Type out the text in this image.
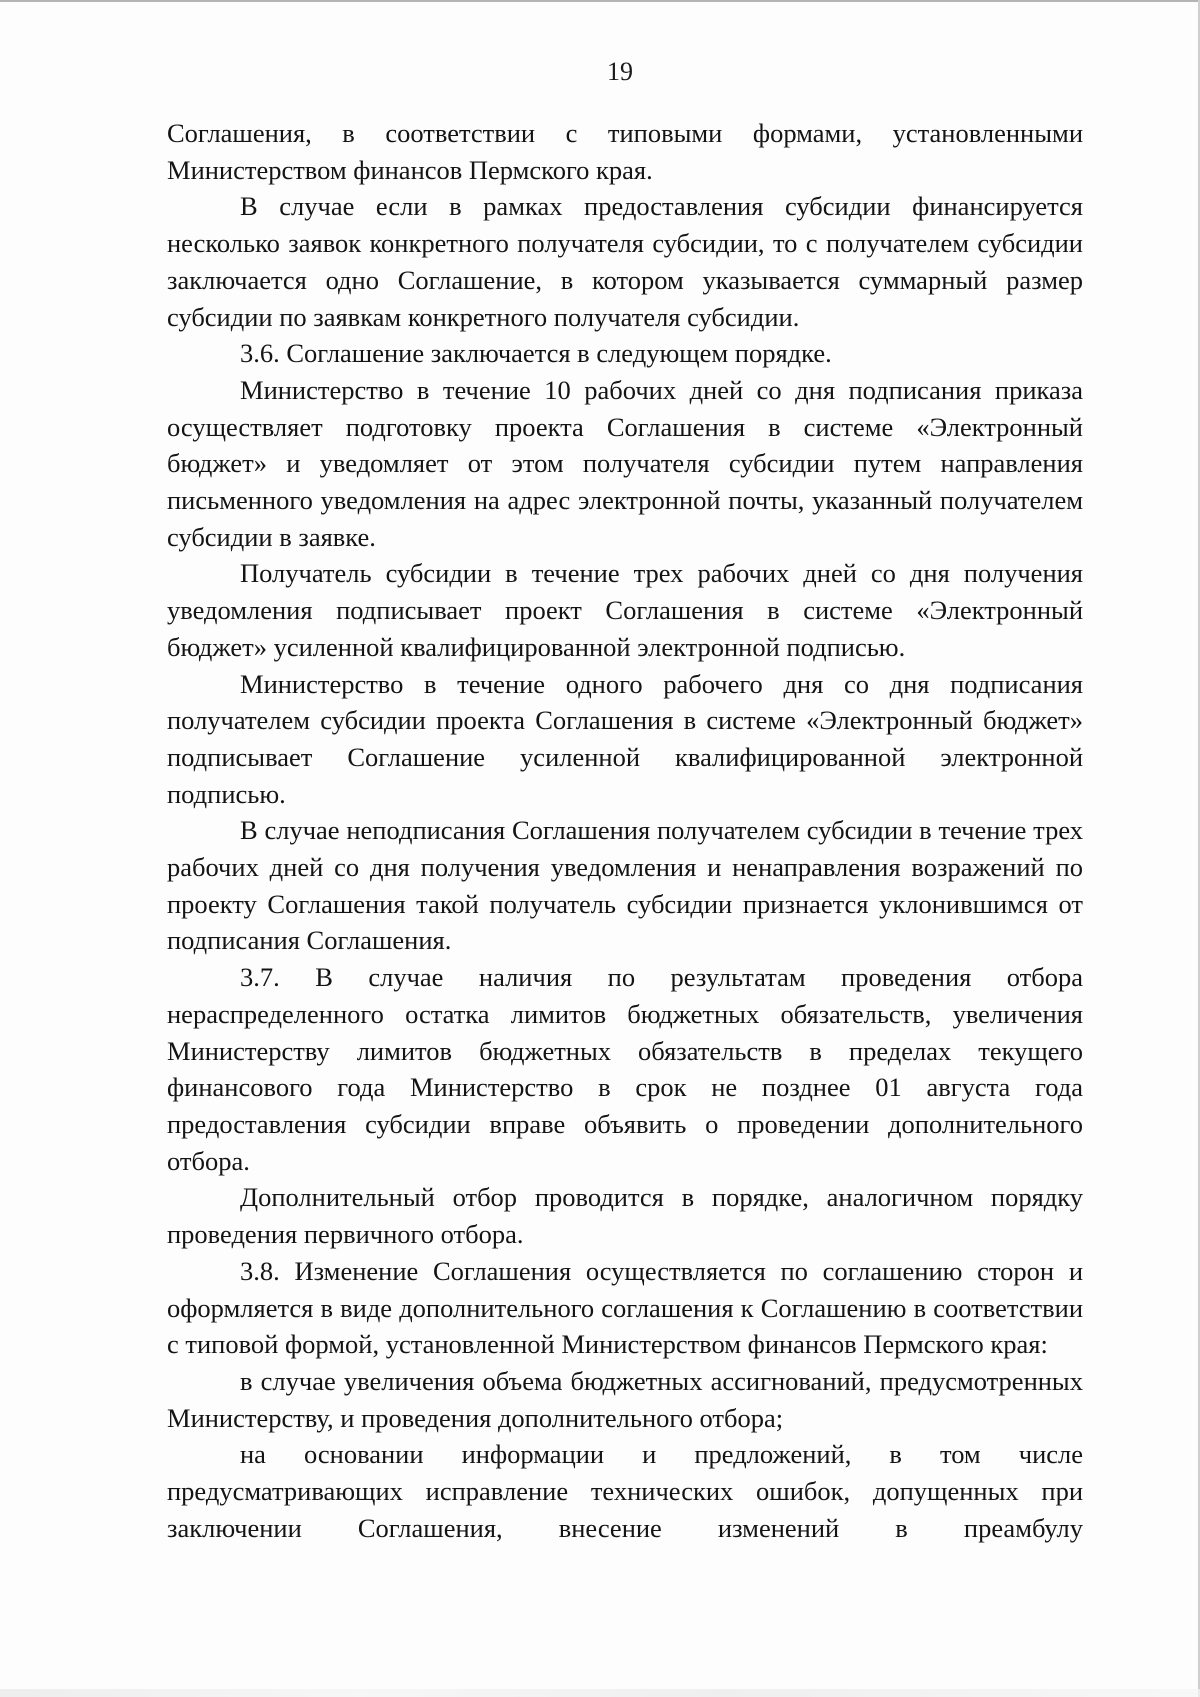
19

Соглашения, в соответствии с типовыми формами, установленными Министерством финансов Пермского края.

В случае если в рамках предоставления субсидии финансируется несколько заявок конкретного получателя субсидии, то с получателем субсидии заключается одно Соглашение, в котором указывается суммарный размер субсидии по заявкам конкретного получателя субсидии.

3.6. Соглашение заключается в следующем порядке.

Министерство в течение 10 рабочих дней со дня подписания приказа осуществляет подготовку проекта Соглашения в системе «Электронный бюджет» и уведомляет от этом получателя субсидии путем направления письменного уведомления на адрес электронной почты, указанный получателем субсидии в заявке.

Получатель субсидии в течение трех рабочих дней со дня получения уведомления подписывает проект Соглашения в системе «Электронный бюджет» усиленной квалифицированной электронной подписью.

Министерство в течение одного рабочего дня со дня подписания получателем субсидии проекта Соглашения в системе «Электронный бюджет» подписывает Соглашение усиленной квалифицированной электронной подписью.

В случае неподписания Соглашения получателем субсидии в течение трех рабочих дней со дня получения уведомления и ненаправления возражений по проекту Соглашения такой получатель субсидии признается уклонившимся от подписания Соглашения.

3.7. В случае наличия по результатам проведения отбора нераспределенного остатка лимитов бюджетных обязательств, увеличения Министерству лимитов бюджетных обязательств в пределах текущего финансового года Министерство в срок не позднее 01 августа года предоставления субсидии вправе объявить о проведении дополнительного отбора.

Дополнительный отбор проводится в порядке, аналогичном порядку проведения первичного отбора.

3.8. Изменение Соглашения осуществляется по соглашению сторон и оформляется в виде дополнительного соглашения к Соглашению в соответствии с типовой формой, установленной Министерством финансов Пермского края:

в случае увеличения объема бюджетных ассигнований, предусмотренных Министерству, и проведения дополнительного отбора;

на основании информации и предложений, в том числе предусматривающих исправление технических ошибок, допущенных при заключении Соглашения, внесение изменений в преамбулу
